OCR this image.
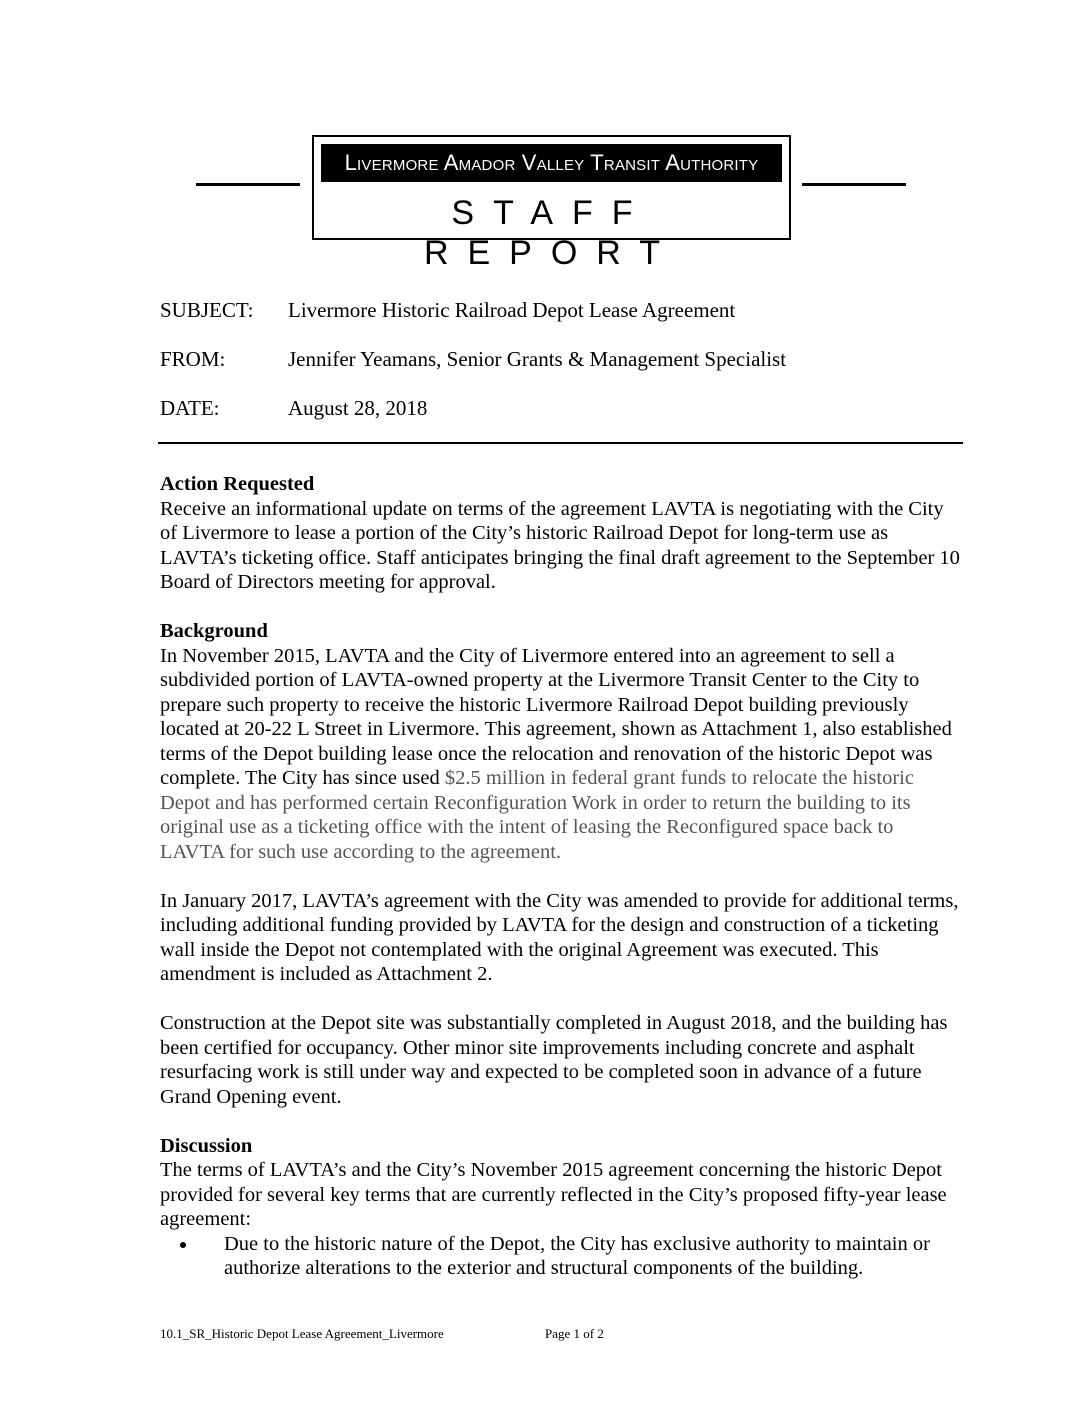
Livermore Amador Valley Transit Authority
STAFF REPORT
SUBJECT: Livermore Historic Railroad Depot Lease Agreement
FROM:	Jennifer Yeamans, Senior Grants & Management Specialist
DATE:	August 28, 2018
Action Requested

Receive an informational update on terms of the agreement LAVTA is negotiating with the City of Livermore to lease a portion of the City’s historic Railroad Depot for long-term use as LAVTA’s ticketing office. Staff anticipates bringing the final draft agreement to the September 10 Board of Directors meeting for approval.

Background

In November 2015, LAVTA and the City of Livermore entered into an agreement to sell a subdivided portion of LAVTA-owned property at the Livermore Transit Center to the City to prepare such property to receive the historic Livermore Railroad Depot building previously located at 20-22 L Street in Livermore. This agreement, shown as Attachment 1, also established terms of the Depot building lease once the relocation and renovation of the historic Depot was complete. The City has since used $2.5 million in federal grant funds to relocate the historic Depot and has performed certain Reconfiguration Work in order to return the building to its original use as a ticketing office with the intent of leasing the Reconfigured space back to LAVTA for such use according to the agreement.

In January 2017, LAVTA’s agreement with the City was amended to provide for additional terms, including additional funding provided by LAVTA for the design and construction of a ticketing wall inside the Depot not contemplated with the original Agreement was executed. This amendment is included as Attachment 2.

Construction at the Depot site was substantially completed in August 2018, and the building has been certified for occupancy. Other minor site improvements including concrete and asphalt resurfacing work is still under way and expected to be completed soon in advance of a future Grand Opening event.

Discussion
The terms of LAVTA’s and the City’s November 2015 agreement concerning the historic Depot provided for several key terms that are currently reflected in the City’s proposed fifty-year lease agreement:
• Due to the historic nature of the Depot, the City has exclusive authority to maintain or authorize alterations to the exterior and structural components of the building.
10.1_SR_Historic Depot Lease Agreement_Livermore	Page 1 of 2
